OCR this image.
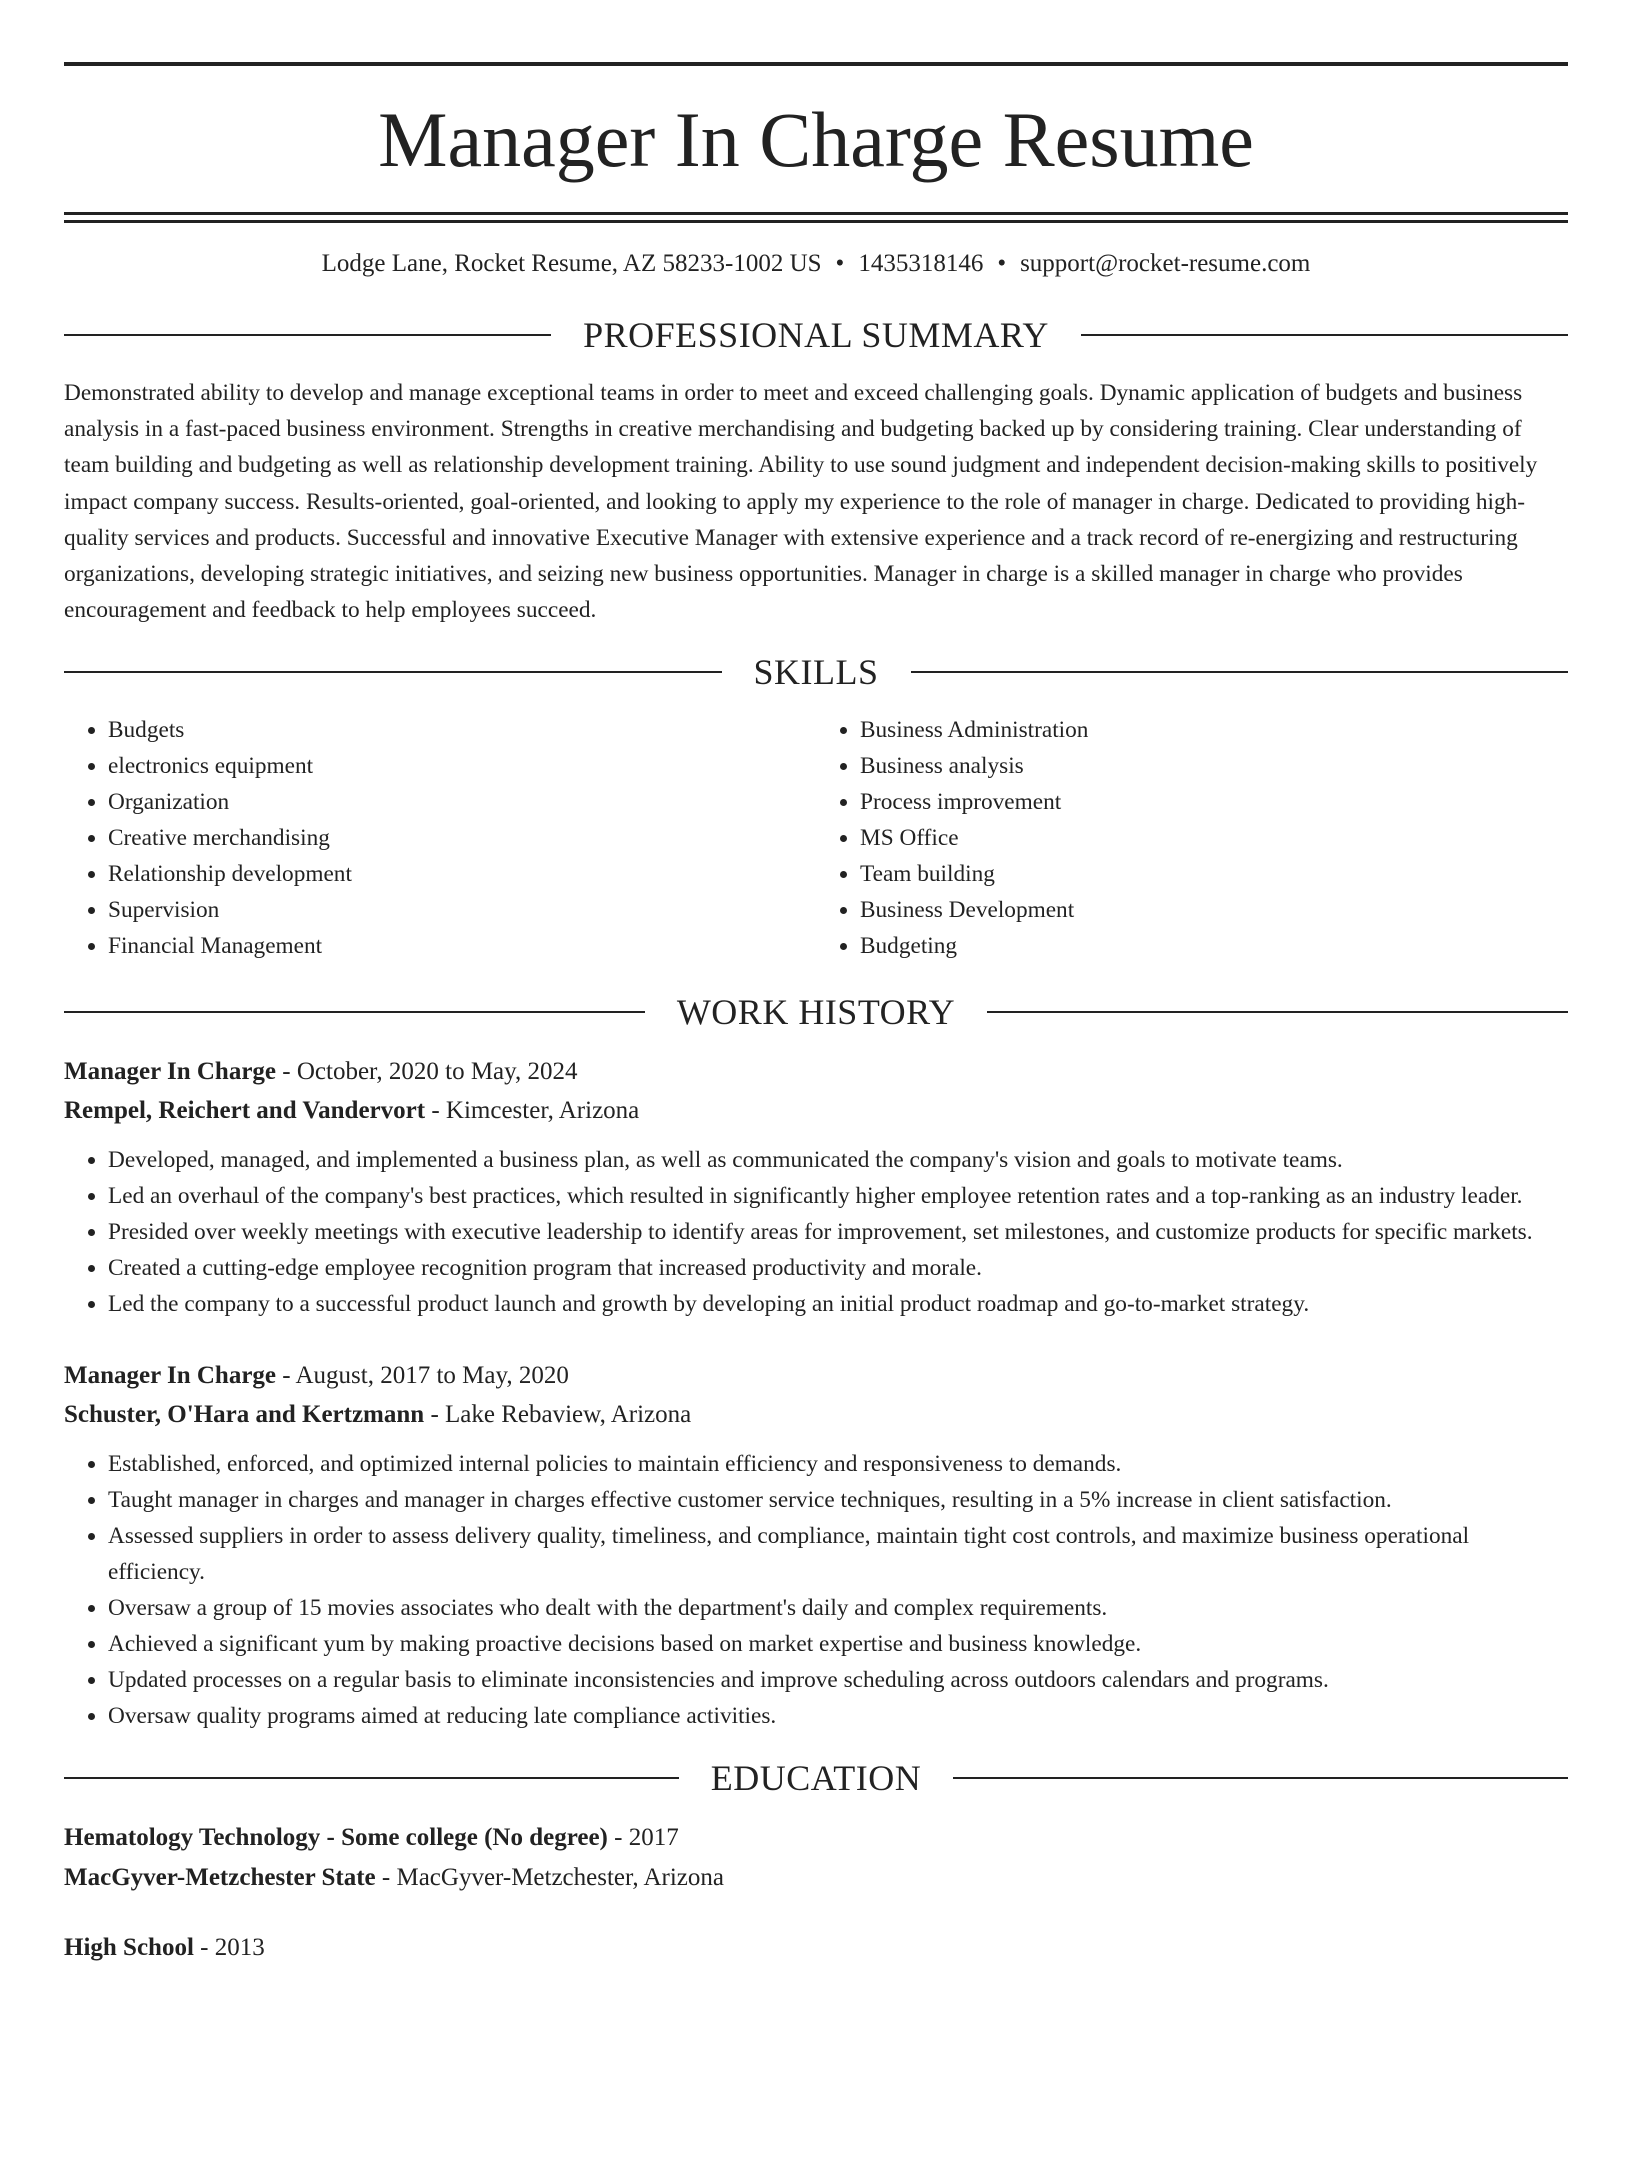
Manager In Charge Resume
Lodge Lane, Rocket Resume, AZ 58233-1002 US • 1435318146 • support@rocket-resume.com
PROFESSIONAL SUMMARY
Demonstrated ability to develop and manage exceptional teams in order to meet and exceed challenging goals. Dynamic application of budgets and business analysis in a fast-paced business environment. Strengths in creative merchandising and budgeting backed up by considering training. Clear understanding of team building and budgeting as well as relationship development training. Ability to use sound judgment and independent decision-making skills to positively impact company success. Results-oriented, goal-oriented, and looking to apply my experience to the role of manager in charge. Dedicated to providing high-quality services and products. Successful and innovative Executive Manager with extensive experience and a track record of re-energizing and restructuring organizations, developing strategic initiatives, and seizing new business opportunities. Manager in charge is a skilled manager in charge who provides encouragement and feedback to help employees succeed.
SKILLS
• Budgets
• electronics equipment
• Organization
• Creative merchandising
• Relationship development
• Supervision
• Financial Management
• Business Administration
• Business analysis
• Process improvement
• MS Office
• Team building
• Business Development
• Budgeting
WORK HISTORY
Manager In Charge - October, 2020 to May, 2024
Rempel, Reichert and Vandervort - Kimcester, Arizona
• Developed, managed, and implemented a business plan, as well as communicated the company's vision and goals to motivate teams.
• Led an overhaul of the company's best practices, which resulted in significantly higher employee retention rates and a top-ranking as an industry leader.
• Presided over weekly meetings with executive leadership to identify areas for improvement, set milestones, and customize products for specific markets.
• Created a cutting-edge employee recognition program that increased productivity and morale.
• Led the company to a successful product launch and growth by developing an initial product roadmap and go-to-market strategy.
Manager In Charge - August, 2017 to May, 2020
Schuster, O'Hara and Kertzmann - Lake Rebaview, Arizona
• Established, enforced, and optimized internal policies to maintain efficiency and responsiveness to demands.
• Taught manager in charges and manager in charges effective customer service techniques, resulting in a 5% increase in client satisfaction.
• Assessed suppliers in order to assess delivery quality, timeliness, and compliance, maintain tight cost controls, and maximize business operational efficiency.
• Oversaw a group of 15 movies associates who dealt with the department's daily and complex requirements.
• Achieved a significant yum by making proactive decisions based on market expertise and business knowledge.
• Updated processes on a regular basis to eliminate inconsistencies and improve scheduling across outdoors calendars and programs.
• Oversaw quality programs aimed at reducing late compliance activities.
EDUCATION
Hematology Technology - Some college (No degree) - 2017
MacGyver-Metzchester State - MacGyver-Metzchester, Arizona
High School - 2013
